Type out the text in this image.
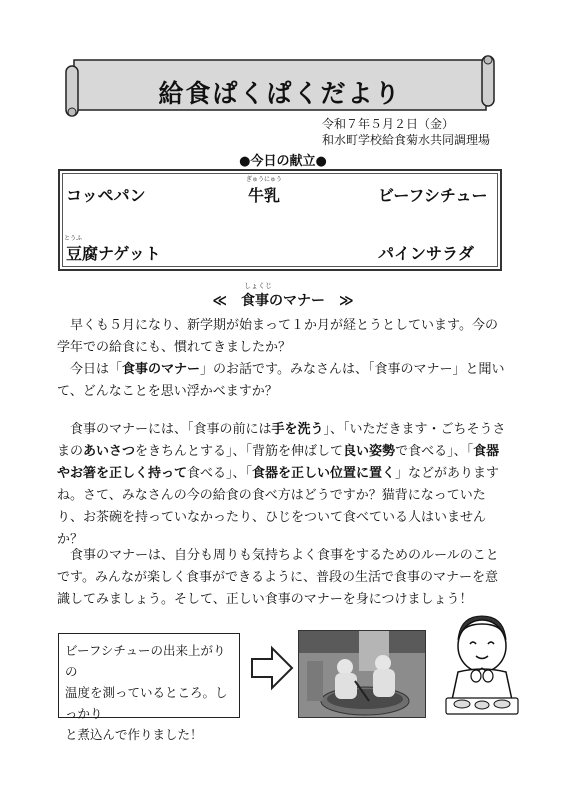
給食ぱくぱくだより
令和７年５月２日（金）
和水町学校給食菊水共同調理場
●今日の献立●
コッペパン
ぎゅうにゅう
牛乳	ビーフシチュー
とうふ
豆腐ナゲット	パインサラダ
しょくじ
≪　食事のマナー　≫
早くも５月になり、新学期が始まって１か月が経とうとしています。今の学年での給食にも、慣れてきましたか？
今日は「食事のマナー」のお話です。みなさんは、「食事のマナー」と聞いて、どんなことを思い浮かべますか？
食事のマナーには、「食事の前には手を洗う」、「いただきます・ごちそうさまのあいさつをきちんとする」、「背筋を伸ばして良い姿勢で食べる」、「食器やお箸を正しく持って食べる」、「食器を正しい位置に置く」などがありますね。さて、みなさんの今の給食の食べ方はどうですか？猫背になっていたり、お茶碗を持っていなかったり、ひじをついて食べている人はいませんか？
食事のマナーは、自分も周りも気持ちよく食事をするためのルールのことです。みんなが楽しく食事ができるように、普段の生活で食事のマナーを意識してみましょう。そして、正しい食事のマナーを身につけましょう！
ビーフシチューの出来上がりの
温度を測っているところ。しっかり
と煮込んで作りました！
